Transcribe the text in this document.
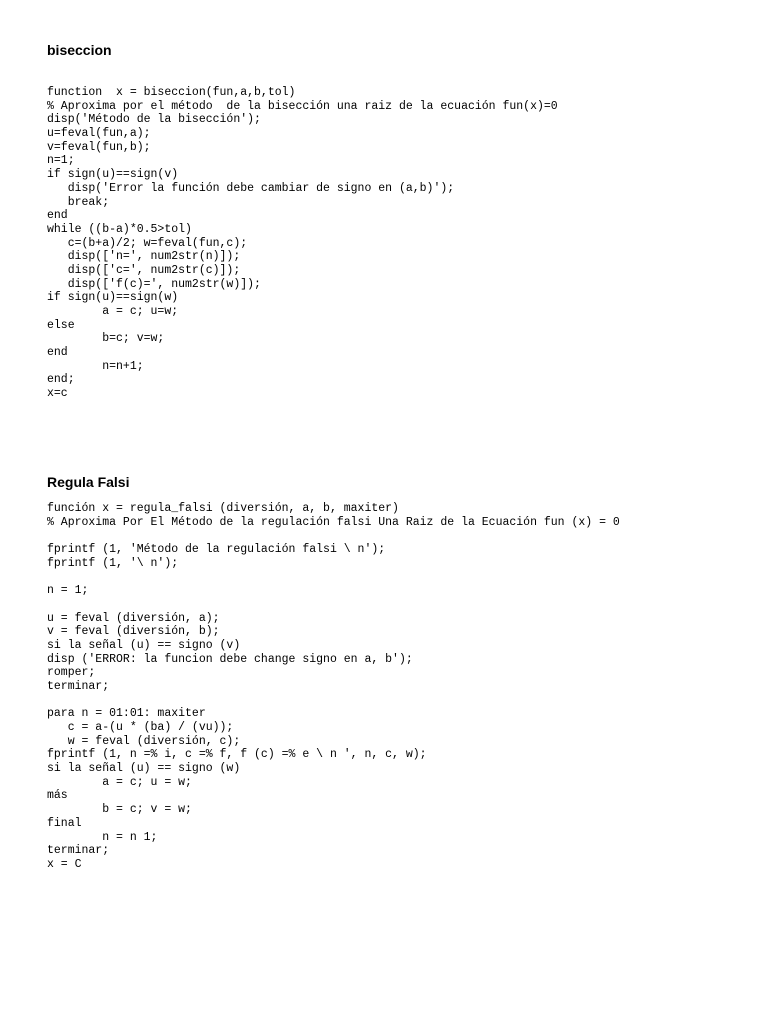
biseccion
function  x = biseccion(fun,a,b,tol)
% Aproxima por el método  de la bisección una raiz de la ecuación fun(x)=0
disp('Método de la bisección');
u=feval(fun,a);
v=feval(fun,b);
n=1;
if sign(u)==sign(v)
disp('Error la función debe cambiar de signo en (a,b)');
break;
end
while ((b-a)*0.5>tol)
c=(b+a)/2; w=feval(fun,c);
disp(['n=', num2str(n)]);
disp(['c=', num2str(c)]);
disp(['f(c)=', num2str(w)]);
if sign(u)==sign(w)
a = c; u=w;
else
b=c; v=w;
end
n=n+1;
end;
x=c
Regula Falsi
función x = regula_falsi (diversión, a, b, maxiter)
% Aproxima Por El Método de la regulación falsi Una Raiz de la Ecuación fun (x) = 0
fprintf (1, 'Método de la regulación falsi \ n');
fprintf (1, '\ n');
n = 1;
u = feval (diversión, a);
v = feval (diversión, b);
si la señal (u) == signo (v)
disp ('ERROR: la funcion debe change signo en a, b');
romper;
terminar;
para n = 01:01: maxiter
c = a-(u * (ba) / (vu));
w = feval (diversión, c);
fprintf (1, n =% i, c =% f, f (c) =% e \ n ', n, c, w);
si la señal (u) == signo (w)
a = c; u = w;
más
b = c; v = w;
final
n = n 1;
terminar;
x = C
